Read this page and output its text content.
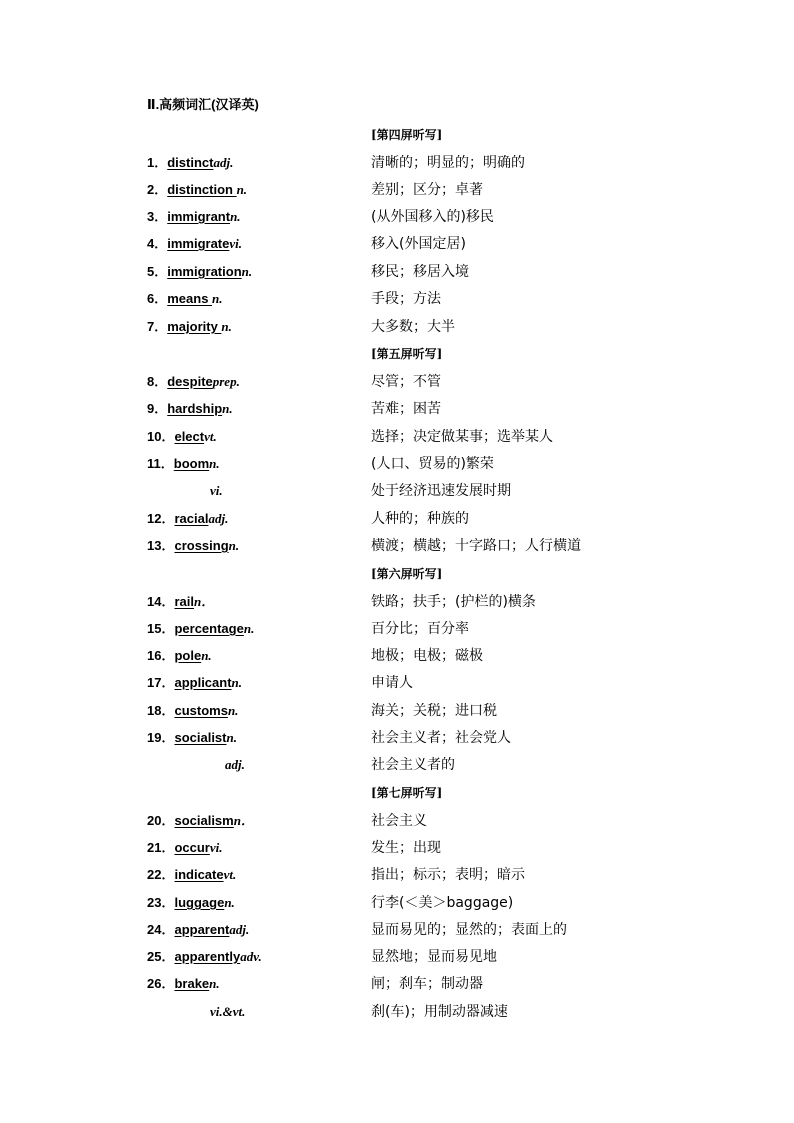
Ⅱ.高频词汇(汉译英)
[第四屏听写]
[第五屏听写]
[第六屏听写]
[第七屏听写]
1．distinctadj.	清晰的；明显的；明确的
2．distinction n.	差别；区分；卓著
3．immigrantn.	(从外国移入的)移民
4．immigratevi.	移入(外国定居)
5．immigrationn.	移民；移居入境
6．means n.	手段；方法
7．majority n.	大多数；大半
8．despiteprep.	尽管；不管
9．hardshipn.	苦难；困苦
10．electvt.	选择；决定做某事；选举某人
11．boomn.	(人口、贸易的)繁荣
vi.	处于经济迅速发展时期
12．racialadj.	人种的；种族的
13．crossingn.	横渡；横越；十字路口；人行横道
14．railn．	铁路；扶手；(护栏的)横条
15．percentagen.	百分比；百分率
16．polen.	地极；电极；磁极
17．applicantn.	申请人
18．customsn.	海关；关税；进口税
19．socialistn.	社会主义者；社会党人
adj.	社会主义者的
20．socialismn．	社会主义
21．occurvi.	发生；出现
22．indicatevt.	指出；标示；表明；暗示
23．luggagen.	行李(＜美＞baggage)
24．apparentadj.	显而易见的；显然的；表面上的
25．apparentlyadv.	显然地；显而易见地
26．braken.	闸；刹车；制动器
vi.&vt.	刹(车)；用制动器减速
